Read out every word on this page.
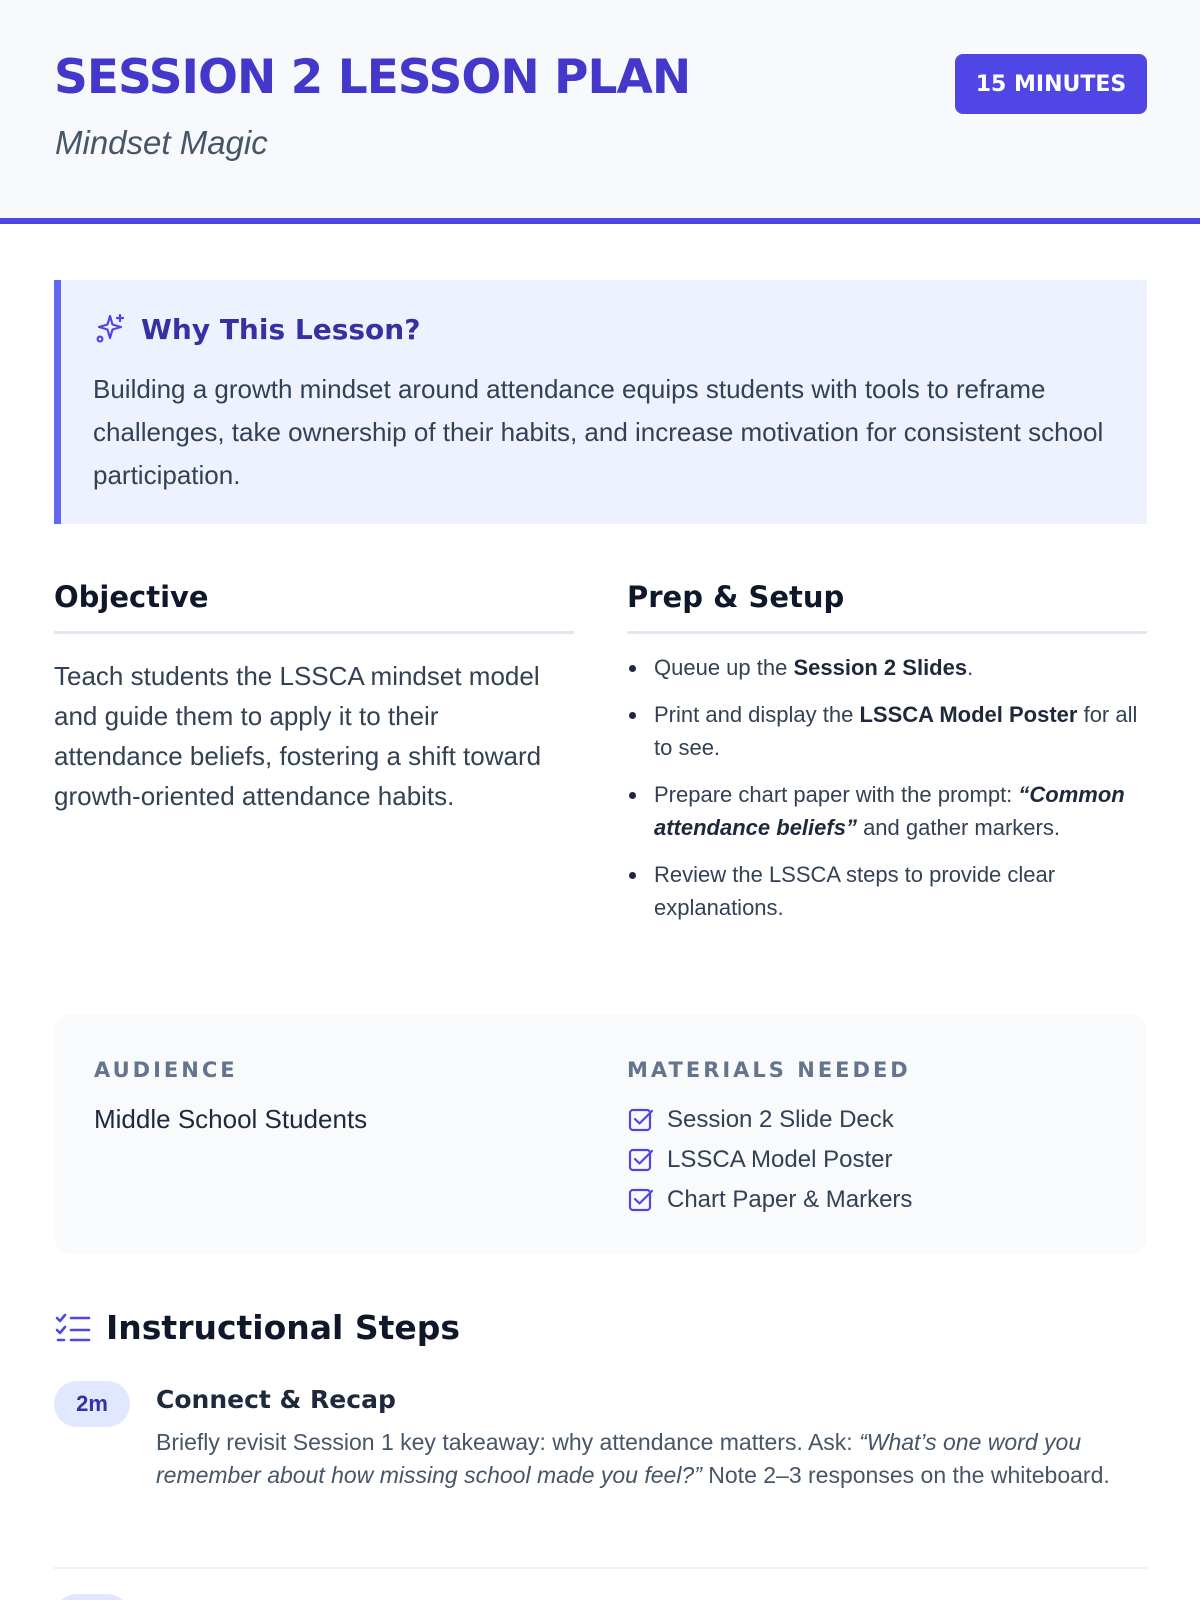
SESSION 2 LESSON PLAN
Mindset Magic
15 MINUTES
Why This Lesson?

Building a growth mindset around attendance equips students with tools to reframe challenges, take ownership of their habits, and increase motivation for consistent school participation.

Objective

Teach students the LSSCA mindset model and guide them to apply it to their attendance beliefs, fostering a shift toward growth-oriented attendance habits.

Prep & Setup
Queue up the Session 2 Slides.
Print and display the LSSCA Model Poster for all to see.
Prepare chart paper with the prompt: “Common attendance beliefs” and gather markers.
Review the LSSCA steps to provide clear explanations.
AUDIENCE
Middle School Students
MATERIALS NEEDED
Session 2 Slide Deck
LSSCA Model Poster
Chart Paper & Markers
Instructional Steps
2m	Connect & Recap

Briefly revisit Session 1 key takeaway: why attendance matters. Ask: “What’s one word you remember about how missing school made you feel?” Note 2–3 responses on the whiteboard.
